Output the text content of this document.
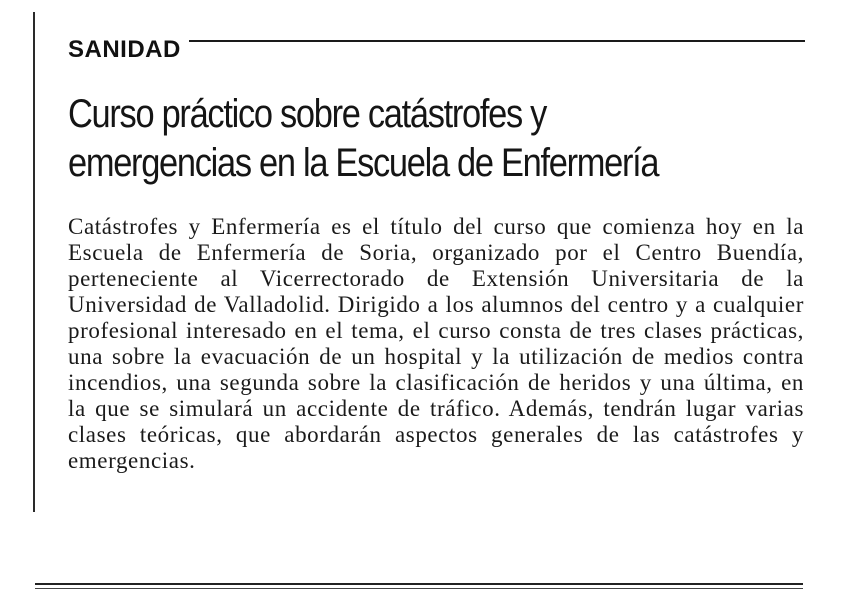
SANIDAD
Curso práctico sobre catástrofes y emergencias en la Escuela de Enfermería

Catástrofes y Enfermería es el título del curso que comienza hoy en la Escuela de Enfermería de Soria, organizado por el Centro Buendía, perteneciente al Vicerrectorado de Extensión Universitaria de la Universidad de Valladolid. Dirigido a los alumnos del centro y a cualquier profesional interesado en el tema, el curso consta de tres clases prácticas, una sobre la evacuación de un hospital y la utilización de medios contra incendios, una segunda sobre la clasificación de heridos y una última, en la que se simulará un accidente de tráfico. Además, tendrán lugar varias clases teóricas, que abordarán aspectos generales de las catástrofes y emergencias.
